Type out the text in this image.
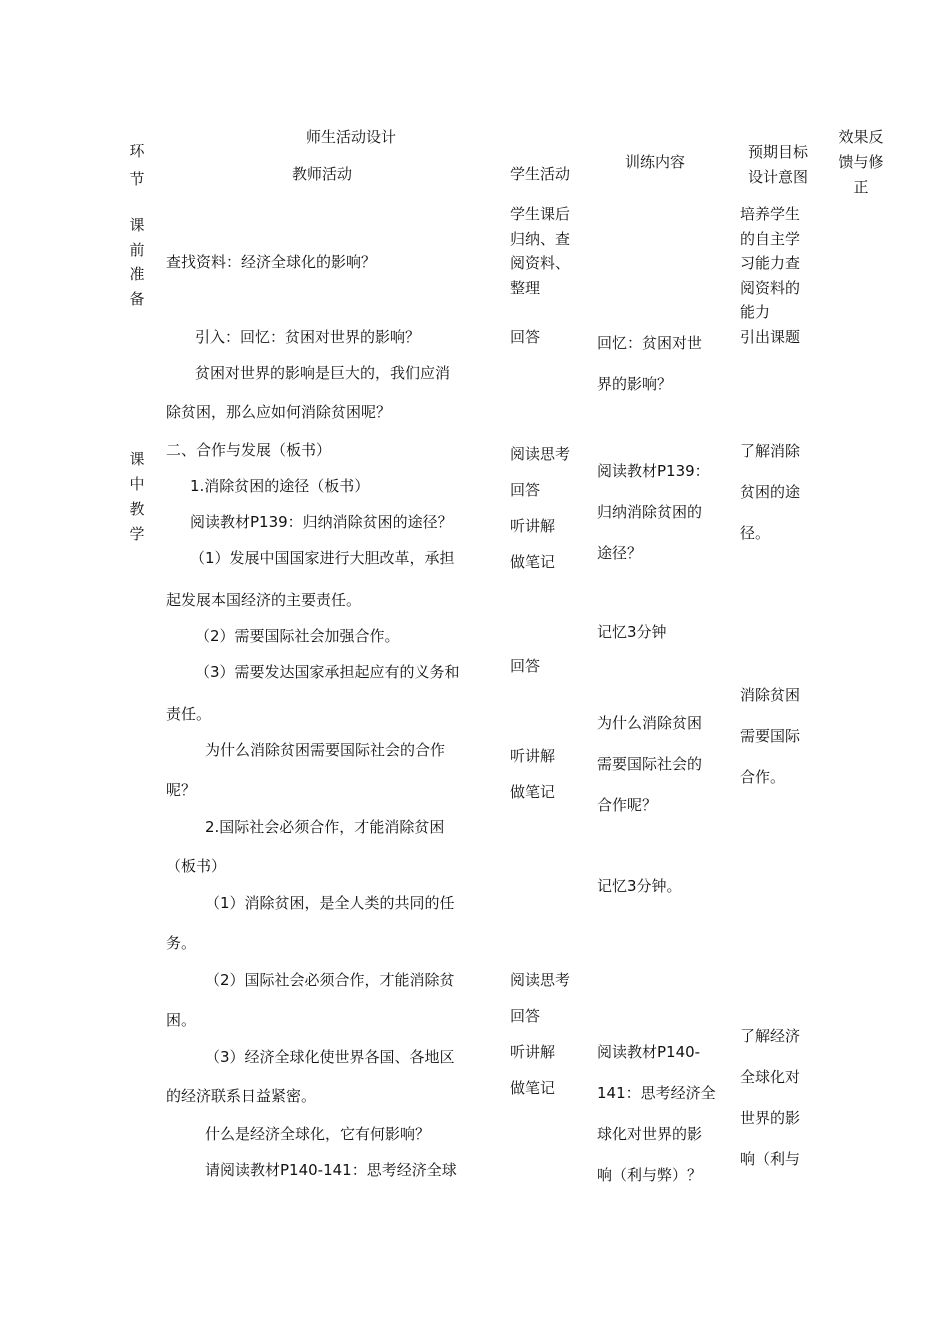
环
节
师生活动设计
教师活动	学生活动
训练内容
预期目标
设计意图
效果反
馈与修
正
课
前
准
备
课
中
教
学
查找资料：经济全球化的影响？
引入：回忆：贫困对世界的影响？
贫困对世界的影响是巨大的，我们应消
除贫困，那么应如何消除贫困呢？
二、合作与发展（板书）
1.消除贫困的途径（板书）
阅读教材P139：归纳消除贫困的途径？
（1）发展中国国家进行大胆改革，承担
起发展本国经济的主要责任。
（2）需要国际社会加强合作。
（3）需要发达国家承担起应有的义务和
责任。
为什么消除贫困需要国际社会的合作
呢？
2.国际社会必须合作，才能消除贫困
（板书）
（1）消除贫困，是全人类的共同的任
务。
（2）国际社会必须合作，才能消除贫
困。
（3）经济全球化使世界各国、各地区
的经济联系日益紧密。
什么是经济全球化，它有何影响？
请阅读教材P140-141：思考经济全球
学生课后
归纳、查
阅资料、
整理
回答
阅读思考
回答
听讲解
做笔记
回答
听讲解
做笔记
阅读思考
回答
听讲解
做笔记
回忆：贫困对世
界的影响？
阅读教材P139：
归纳消除贫困的
途径？
记忆3分钟
为什么消除贫困
需要国际社会的
合作呢？
记忆3分钟。
阅读教材P140-
141：思考经济全
球化对世界的影
响（利与弊）？
培养学生
的自主学
习能力查
阅资料的
能力
引出课题
了解消除
贫困的途
径。
消除贫困
需要国际
合作。
了解经济
全球化对
世界的影
响（利与
